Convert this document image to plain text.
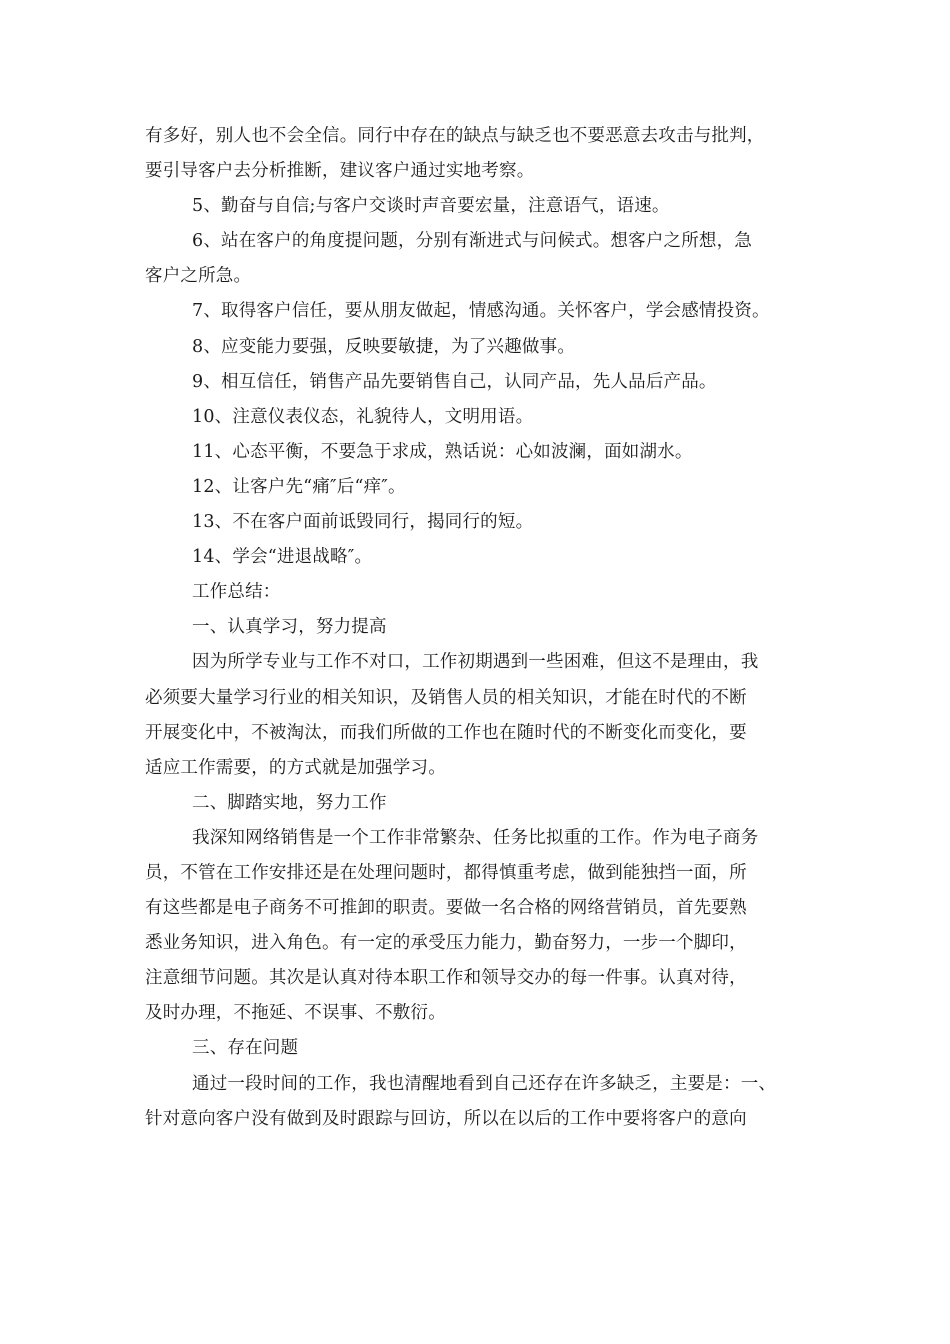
有多好，别人也不会全信。同行中存在的缺点与缺乏也不要恶意去攻击与批判，
要引导客户去分析推断，建议客户通过实地考察。
5、勤奋与自信;与客户交谈时声音要宏量，注意语气，语速。
6、站在客户的角度提问题，分别有渐进式与问候式。想客户之所想，急
客户之所急。
7、取得客户信任，要从朋友做起，情感沟通。关怀客户，学会感情投资。
8、应变能力要强，反映要敏捷，为了兴趣做事。
9、相互信任，销售产品先要销售自己，认同产品，先人品后产品。
10、注意仪表仪态，礼貌待人，文明用语。
11、心态平衡，不要急于求成，熟话说：心如波澜，面如湖水。
12、让客户先“痛″后“痒″。
13、不在客户面前诋毁同行，揭同行的短。
14、学会“进退战略″。
工作总结：
一、认真学习，努力提高
因为所学专业与工作不对口，工作初期遇到一些困难，但这不是理由，我
必须要大量学习行业的相关知识，及销售人员的相关知识，才能在时代的不断
开展变化中，不被淘汰，而我们所做的工作也在随时代的不断变化而变化，要
适应工作需要，的方式就是加强学习。
二、脚踏实地，努力工作
我深知网络销售是一个工作非常繁杂、任务比拟重的工作。作为电子商务
员，不管在工作安排还是在处理问题时，都得慎重考虑，做到能独挡一面，所
有这些都是电子商务不可推卸的职责。要做一名合格的网络营销员，首先要熟
悉业务知识，进入角色。有一定的承受压力能力，勤奋努力，一步一个脚印，
注意细节问题。其次是认真对待本职工作和领导交办的每一件事。认真对待，
及时办理，不拖延、不误事、不敷衍。
三、存在问题
通过一段时间的工作，我也清醒地看到自己还存在许多缺乏，主要是：一、
针对意向客户没有做到及时跟踪与回访，所以在以后的工作中要将客户的意向
